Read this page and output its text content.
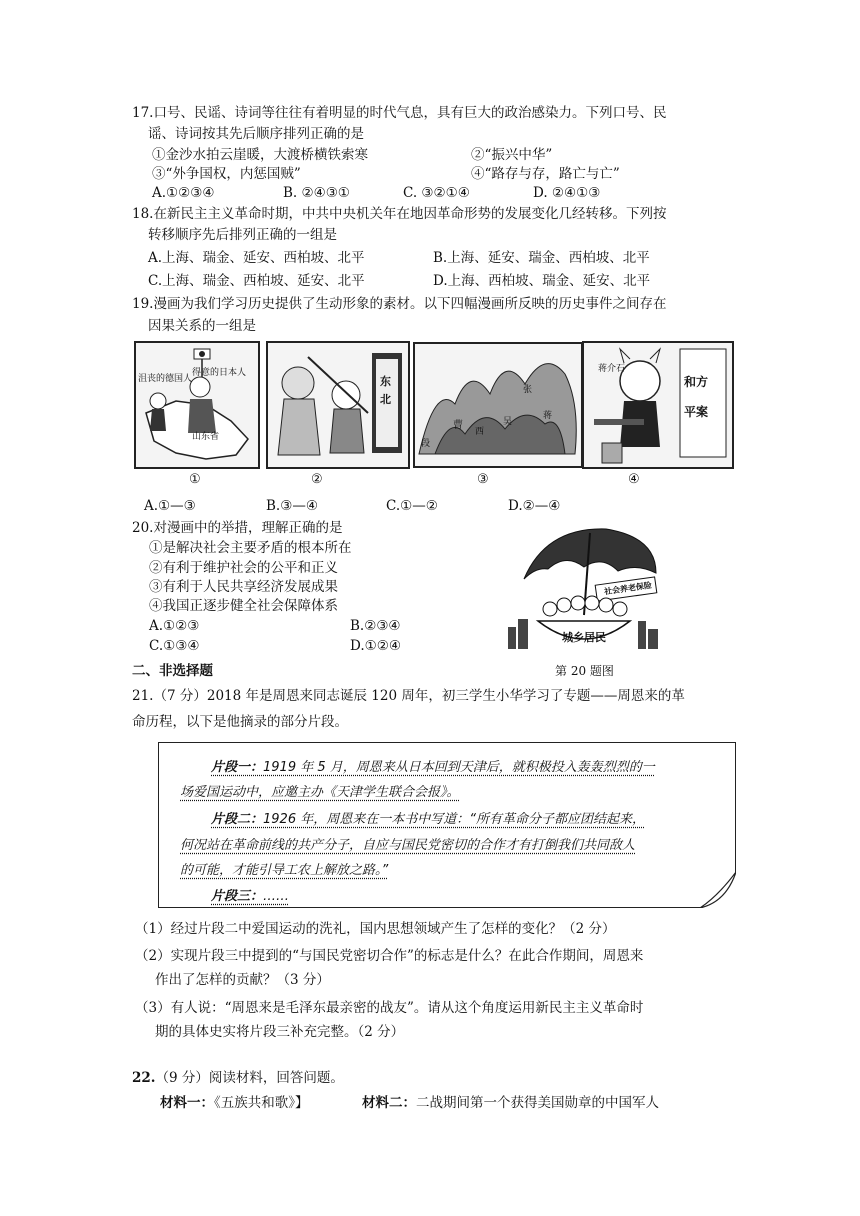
17.口号、民谣、诗词等往往有着明显的时代气息，具有巨大的政治感染力。下列口号、民
谣、诗词按其先后顺序排列正确的是
①金沙水拍云崖暖，大渡桥横铁索寒	②“振兴中华”
③“外争国权，内惩国贼”	④“路存与存，路亡与亡”
A.①②③④	B. ②④③①	C. ③②①④	D. ②④①③
18.在新民主主义革命时期，中共中央机关年在地因革命形势的发展变化几经转移。下列按
转移顺序先后排列正确的一组是
A.上海、瑞金、延安、西柏坡、北平	B.上海、延安、瑞金、西柏坡、北平
C.上海、瑞金、西柏坡、延安、北平	D.上海、西柏坡、瑞金、延安、北平
19.漫画为我们学习历史提供了生动形象的素材。以下四幅漫画所反映的历史事件之间存在
因果关系的一组是
沮丧的德国人
得意的日本人
山东省
①
东
北
②
段
曹
西
吴
蒋
张
③
蒋介石
和方
平案
④
A.①—③	B.③—④	C.①—②	D.②—④
20.对漫画中的举措，理解正确的是
①是解决社会主要矛盾的根本所在
②有利于维护社会的公平和正义
③有利于人民共享经济发展成果
④我国正逐步健全社会保障体系
A.①②③	B.②③④
C.①③④	D.①②④
社会养老保险
城乡居民
第 20 题图
二、非选择题
21.（7 分）2018 年是周恩来同志诞辰 120 周年，初三学生小华学习了专题——周恩来的革
命历程，以下是他摘录的部分片段。
片段一：1919 年 5 月，周恩来从日本回到天津后，就积极投入轰轰烈烈的一
场爱国运动中，应邀主办《天津学生联合会报》。
片段二：1926 年，周恩来在一本书中写道：“所有革命分子都应团结起来，
何况站在革命前线的共产分子，自应与国民党密切的合作才有打倒我们共同敌人
的可能，才能引导工农上解放之路。”
片段三：……
（1）经过片段二中爱国运动的洗礼，国内思想领域产生了怎样的变化？（2 分）
（2）实现片段三中提到的“与国民党密切合作”的标志是什么？在此合作期间，周恩来
作出了怎样的贡献？（3 分）
（3）有人说：“周恩来是毛泽东最亲密的战友”。请从这个角度运用新民主主义革命时
期的具体史实将片段三补充完整。（2 分）
22.（9 分）阅读材料，回答问题。
材料一：《五族共和歌》】	材料二：二战期间第一个获得美国勋章的中国军人
